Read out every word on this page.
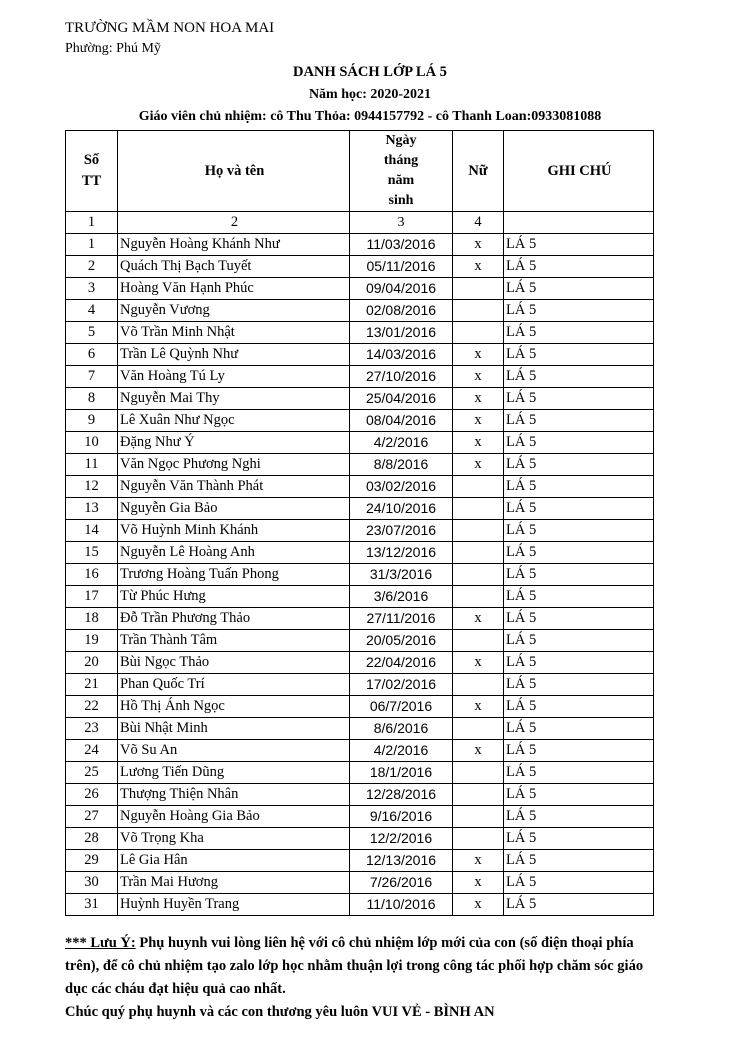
TRƯỜNG MẦM NON HOA MAI
Phường: Phú Mỹ
DANH SÁCH LỚP LÁ 5
Năm học: 2020-2021
Giáo viên chủ nhiệm: cô Thu Thỏa: 0944157792 - cô Thanh Loan:0933081088
Số TT	Họ và tên	Ngày tháng năm sinh	Nữ	GHI CHÚ
1	2	3	4	
1	Nguyễn Hoàng Khánh Như	11/03/2016	x	LÁ 5
2	Quách Thị Bạch Tuyết	05/11/2016	x	LÁ 5
3	Hoàng Văn Hạnh Phúc	09/04/2016		LÁ 5
4	Nguyễn Vương	02/08/2016		LÁ 5
5	Võ Trần Minh Nhật	13/01/2016		LÁ 5
6	Trần Lê Quỳnh Như	14/03/2016	x	LÁ 5
7	Văn Hoàng Tú Ly	27/10/2016	x	LÁ 5
8	Nguyễn Mai Thy	25/04/2016	x	LÁ 5
9	Lê Xuân Như Ngọc	08/04/2016	x	LÁ 5
10	Đặng Như Ý	4/2/2016	x	LÁ 5
11	Văn Ngọc Phương Nghi	8/8/2016	x	LÁ 5
12	Nguyễn Văn Thành Phát	03/02/2016		LÁ 5
13	Nguyễn Gia Bảo	24/10/2016		LÁ 5
14	Võ Huỳnh Minh Khánh	23/07/2016		LÁ 5
15	Nguyễn Lê Hoàng Anh	13/12/2016		LÁ 5
16	Trương Hoàng Tuấn Phong	31/3/2016		LÁ 5
17	Từ Phúc Hưng	3/6/2016		LÁ 5
18	Đỗ Trần Phương Thảo	27/11/2016	x	LÁ 5
19	Trần Thành Tâm	20/05/2016		LÁ 5
20	Bùi Ngọc Thảo	22/04/2016	x	LÁ 5
21	Phan Quốc Trí	17/02/2016		LÁ 5
22	Hồ Thị Ánh Ngọc	06/7/2016	x	LÁ 5
23	Bùi Nhật Minh	8/6/2016		LÁ 5
24	Võ Su An	4/2/2016	x	LÁ 5
25	Lương Tiến Dũng	18/1/2016		LÁ 5
26	Thượng Thiện Nhân	12/28/2016		LÁ 5
27	Nguyễn Hoàng Gia Bảo	9/16/2016		LÁ 5
28	Võ Trọng Kha	12/2/2016		LÁ 5
29	Lê Gia Hân	12/13/2016	x	LÁ 5
30	Trần Mai Hương	7/26/2016	x	LÁ 5
31	Huỳnh Huyền Trang	11/10/2016	x	LÁ 5
*** Lưu Ý: Phụ huynh vui lòng liên hệ với cô chủ nhiệm lớp mới của con (số điện thoại phía trên), để cô chủ nhiệm tạo zalo lớp học nhằm thuận lợi trong công tác phối hợp chăm sóc giáo dục các cháu đạt hiệu quả cao nhất.
Chúc quý phụ huynh và các con thương yêu luôn VUI VẺ - BÌNH AN
